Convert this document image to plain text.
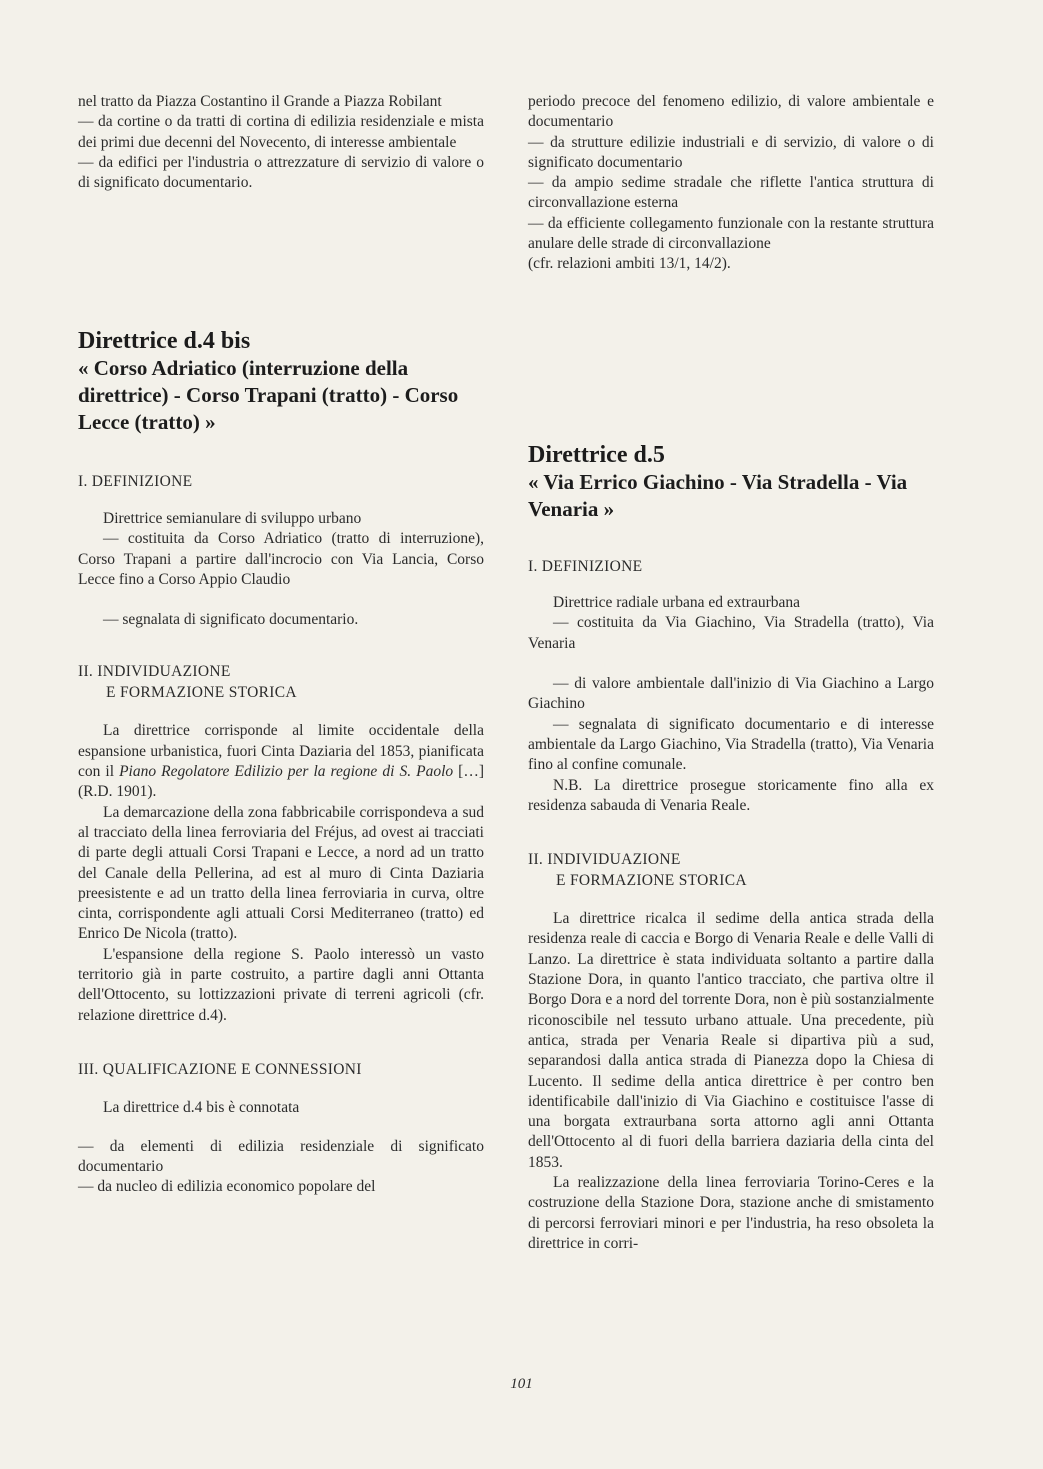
nel tratto da Piazza Costantino il Grande a Piazza Robilant

— da cortine o da tratti di cortina di edilizia residenziale e mista dei primi due decenni del Novecento, di interesse ambientale

— da edifici per l'industria o attrezzature di servizio di valore o di significato documentario.

Direttrice d.4 bis
« Corso Adriatico (interruzione della direttrice) - Corso Trapani (tratto) - Corso Lecce (tratto) »
I. DEFINIZIONE

Direttrice semianulare di sviluppo urbano

— costituita da Corso Adriatico (tratto di interruzione), Corso Trapani a partire dall'incrocio con Via Lancia, Corso Lecce fino a Corso Appio Claudio

— segnalata di significato documentario.

II. INDIVIDUAZIONE
E FORMAZIONE STORICA

La direttrice corrisponde al limite occidentale della espansione urbanistica, fuori Cinta Daziaria del 1853, pianificata con il Piano Regolatore Edilizio per la regione di S. Paolo […] (R.D. 1901).

La demarcazione della zona fabbricabile corrispondeva a sud al tracciato della linea ferroviaria del Fréjus, ad ovest ai tracciati di parte degli attuali Corsi Trapani e Lecce, a nord ad un tratto del Canale della Pellerina, ad est al muro di Cinta Daziaria preesistente e ad un tratto della linea ferroviaria in curva, oltre cinta, corrispondente agli attuali Corsi Mediterraneo (tratto) ed Enrico De Nicola (tratto).

L'espansione della regione S. Paolo interessò un vasto territorio già in parte costruito, a partire dagli anni Ottanta dell'Ottocento, su lottizzazioni private di terreni agricoli (cfr. relazione direttrice d.4).

III. QUALIFICAZIONE E CONNESSIONI

La direttrice d.4 bis è connotata

— da elementi di edilizia residenziale di significato documentario

— da nucleo di edilizia economico popolare del

periodo precoce del fenomeno edilizio, di valore ambientale e documentario

— da strutture edilizie industriali e di servizio, di valore o di significato documentario

— da ampio sedime stradale che riflette l'antica struttura di circonvallazione esterna

— da efficiente collegamento funzionale con la restante struttura anulare delle strade di circonvallazione

(cfr. relazioni ambiti 13/1, 14/2).

Direttrice d.5
« Via Errico Giachino - Via Stradella - Via Venaria »
I. DEFINIZIONE

Direttrice radiale urbana ed extraurbana

— costituita da Via Giachino, Via Stradella (tratto), Via Venaria

— di valore ambientale dall'inizio di Via Giachino a Largo Giachino

— segnalata di significato documentario e di interesse ambientale da Largo Giachino, Via Stradella (tratto), Via Venaria fino al confine comunale.

N.B. La direttrice prosegue storicamente fino alla ex residenza sabauda di Venaria Reale.

II. INDIVIDUAZIONE
E FORMAZIONE STORICA

La direttrice ricalca il sedime della antica strada della residenza reale di caccia e Borgo di Venaria Reale e delle Valli di Lanzo. La direttrice è stata individuata soltanto a partire dalla Stazione Dora, in quanto l'antico tracciato, che partiva oltre il Borgo Dora e a nord del torrente Dora, non è più sostanzialmente riconoscibile nel tessuto urbano attuale. Una precedente, più antica, strada per Venaria Reale si dipartiva più a sud, separandosi dalla antica strada di Pianezza dopo la Chiesa di Lucento. Il sedime della antica direttrice è per contro ben identificabile dall'inizio di Via Giachino e costituisce l'asse di una borgata extraurbana sorta attorno agli anni Ottanta dell'Ottocento al di fuori della barriera daziaria della cinta del 1853.

La realizzazione della linea ferroviaria Torino-Ceres e la costruzione della Stazione Dora, stazione anche di smistamento di percorsi ferroviari minori e per l'industria, ha reso obsoleta la direttrice in corri-

101
